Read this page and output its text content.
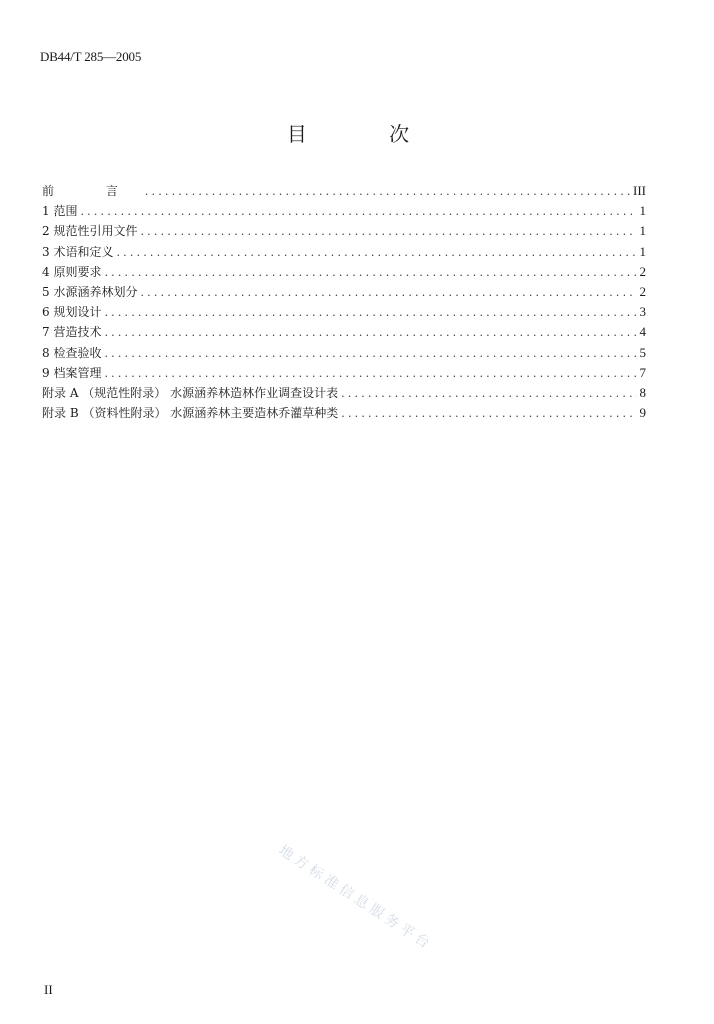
DB44/T 285—2005
目 次
前 言 .....	III
1 范围 .....	1
2 规范性引用文件 .....	1
3 术语和定义 .....	1
4 原则要求 .....	2
5 水源涵养林划分 .....	2
6 规划设计 .....	3
7 营造技术 .....	4
8 检查验收 .....	5
9 档案管理 .....	7
附录 A （规范性附录） 水源涵养林造林作业调查设计表 .....	8
附录 B （资料性附录） 水源涵养林主要造林乔灌草种类 .....	9
地方标准信息服务平台
II
